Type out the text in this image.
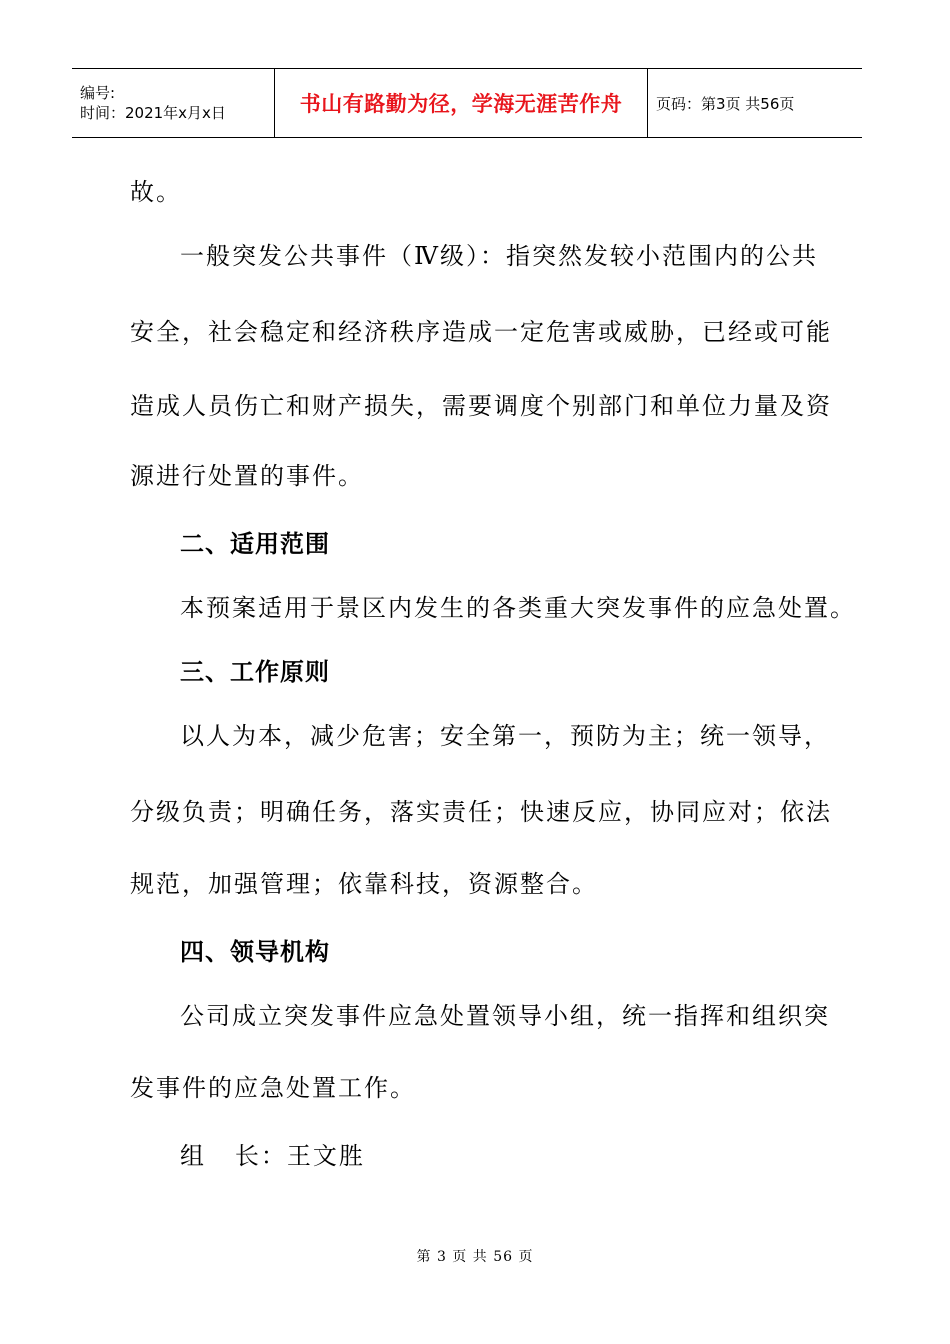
编号:
时间：2021年x月x日	书山有路勤为径，学海无涯苦作舟 页码：第3页 共56页

故。

一般突发公共事件（Ⅳ级）：指突然发较小范围内的公共

安全，社会稳定和经济秩序造成一定危害或威胁，已经或可能

造成人员伤亡和财产损失，需要调度个别部门和单位力量及资

源进行处置的事件。

二、适用范围

本预案适用于景区内发生的各类重大突发事件的应急处置。

三、工作原则

以人为本，减少危害；安全第一，预防为主；统一领导，

分级负责；明确任务，落实责任；快速反应，协同应对；依法

规范，加强管理；依靠科技，资源整合。

四、领导机构

公司成立突发事件应急处置领导小组，统一指挥和组织突

发事件的应急处置工作。

组   长：王文胜

第 3 页 共 56 页
